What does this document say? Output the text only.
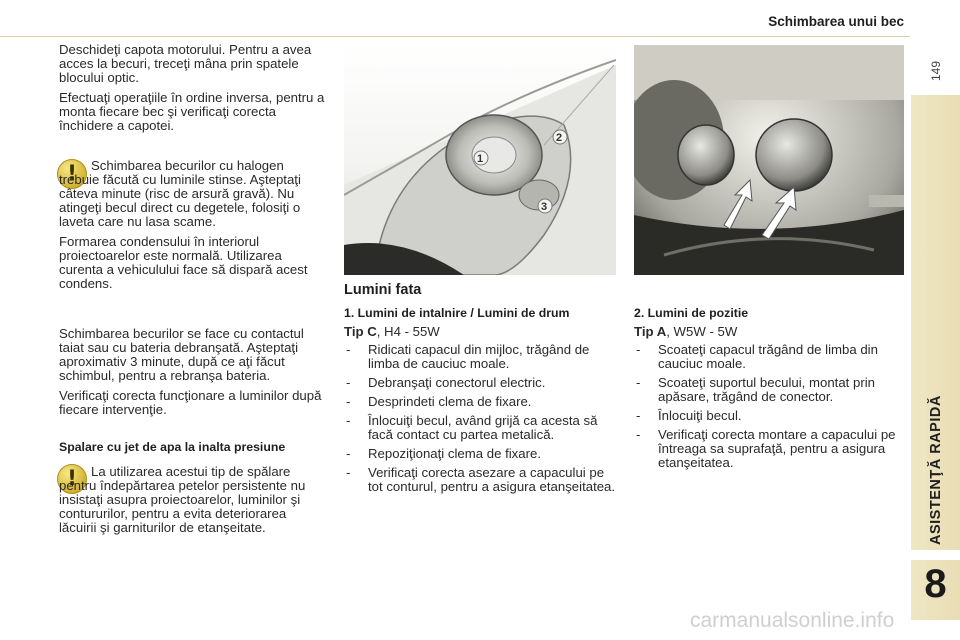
Schimbarea unui bec
149
ASISTENŢĂ RAPIDĂ
8

Deschideţi capota motorului. Pentru a avea acces la becuri, treceţi mâna prin spatele blocului optic.

Efectuaţi operaţiile în ordine inversa, pentru a monta fiecare bec şi verificaţi corecta închidere a capotei.

!

Schimbarea becurilor cu halogen trebuie făcută cu luminile stinse. Aşteptaţi câteva minute (risc de arsură gravă). Nu atingeţi becul direct cu degetele, folosiţi o laveta care nu lasa scame.

Formarea condensului în interiorul proiectoarelor este normală. Utilizarea curenta a vehiculului face să dispară acest condens.

Schimbarea becurilor se face cu contactul taiat sau cu bateria debranşată. Aşteptaţi aproximativ 3 minute, după ce aţi făcut schimbul, pentru a rebranşa bateria.

Verificaţi corecta funcţionare a luminilor după fiecare intervenţie.

Spalare cu jet de apa la inalta presiune
!

La utilizarea acestui tip de spălare pentru îndepărtarea petelor persistente nu insistaţi asupra proiectoarelor, luminilor şi contururilor, pentru a evita deteriorarea lăcuirii şi garniturilor de etanşeitate.

1
2
3
Lumini fata

1. Lumini de intalnire / Lumini de drum

Tip C, H4 - 55W

- Ridicati capacul din mijloc, trăgând de limba de cauciuc moale.
- Debranşaţi conectorul electric.
- Desprindeti clema de fixare.
- Înlocuiţi becul, având grijă ca acesta să facă contact cu partea metalică.
- Repoziţionaţi clema de fixare.
- Verificaţi corecta asezare a capacului pe tot conturul, pentru a asigura etanşeitatea.

2. Lumini de pozitie

Tip A, W5W - 5W

- Scoateţi capacul trăgând de limba din cauciuc moale.
- Scoateţi suportul becului, montat prin apăsare, trăgând de conector.
- Înlocuiţi becul.
- Verificaţi corecta montare a capacului pe întreaga sa suprafaţă, pentru a asigura etanşeitatea.
carmanualsonline.info
